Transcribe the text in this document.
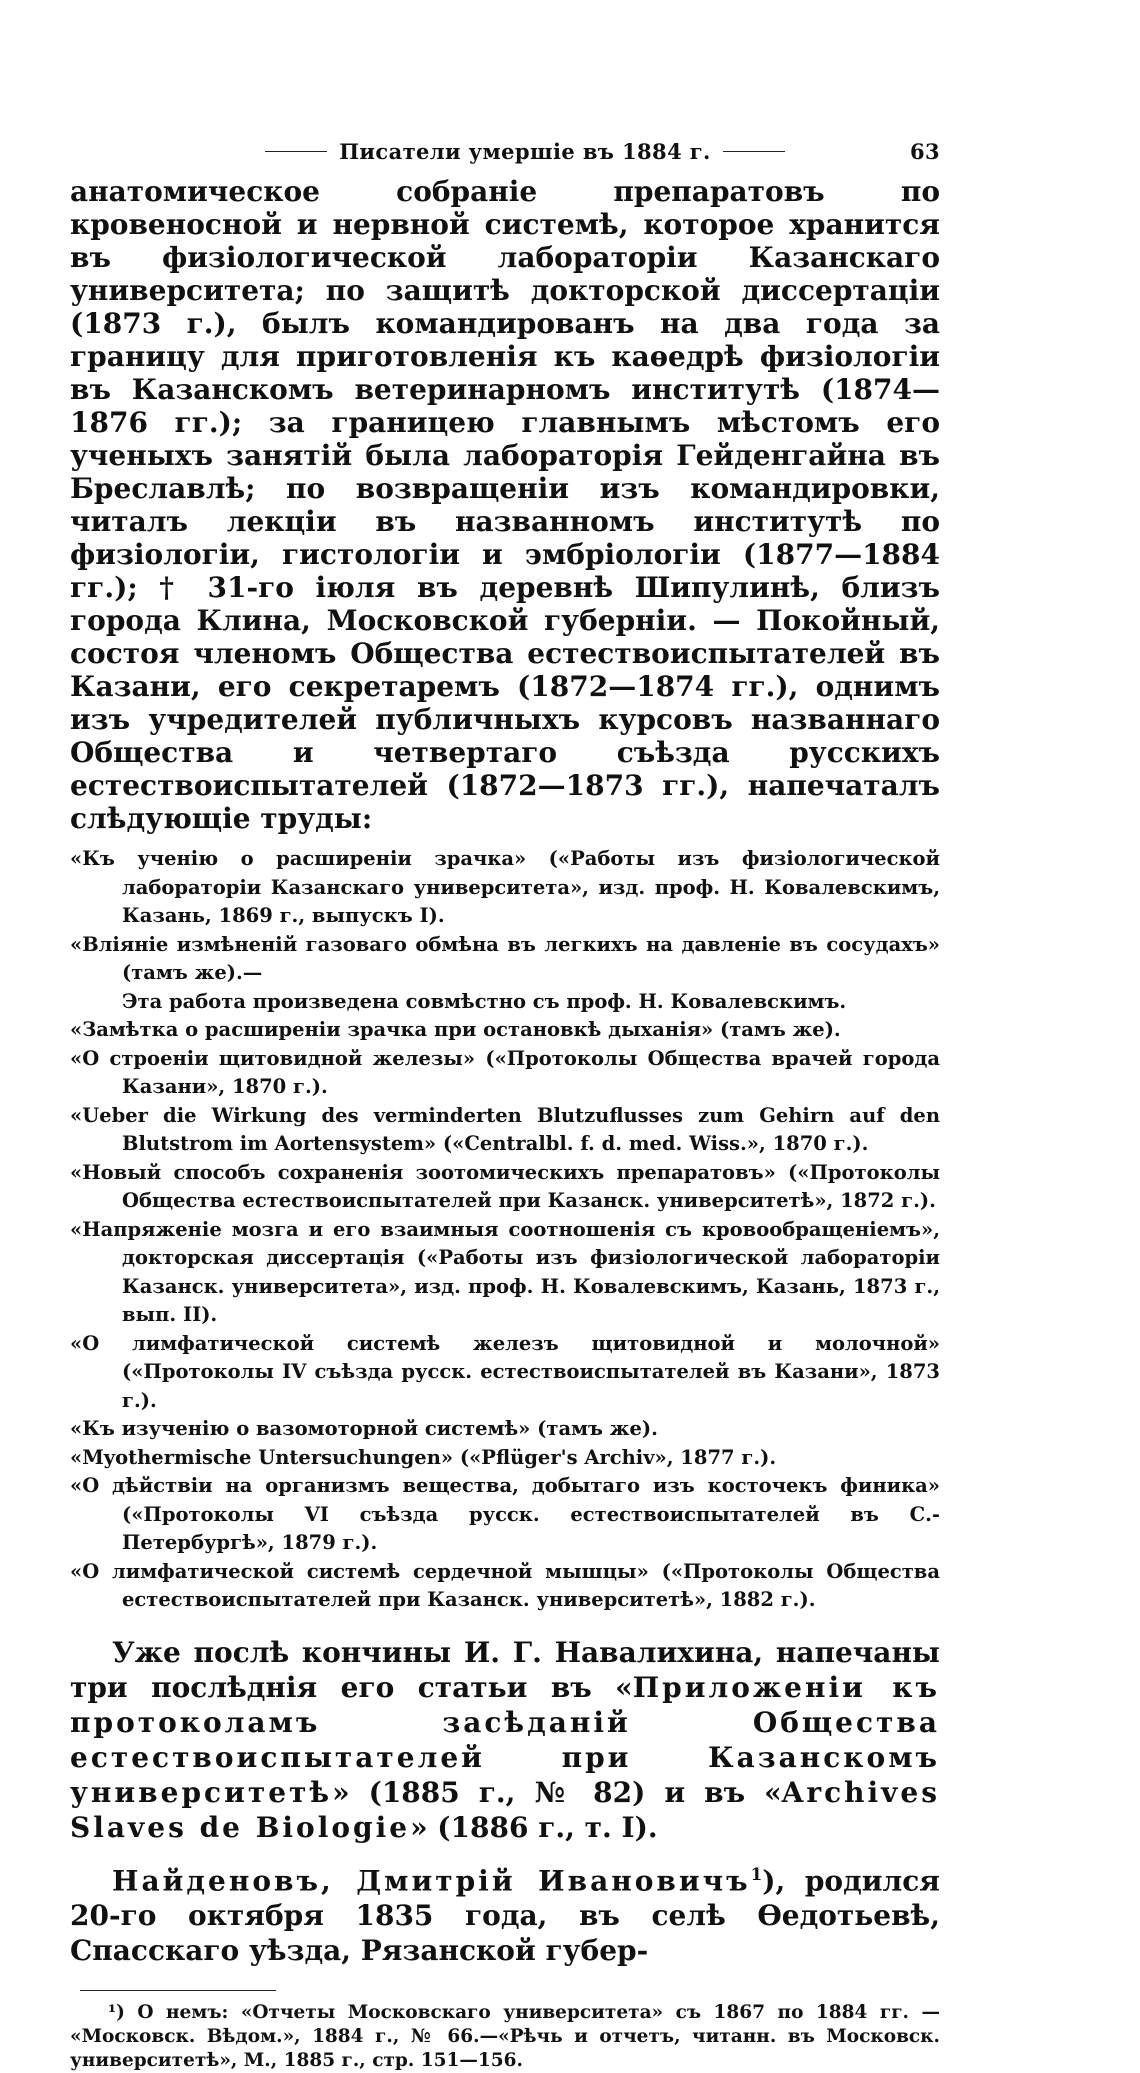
Писатели умершіе въ 1884 г.	63

анатомическое собраніе препаратовъ по кровеносной и нервной системѣ, которое хранится въ физіологической лабораторіи Казанскаго университета; по защитѣ докторской диссертаціи (1873 г.), былъ командированъ на два года за границу для приготовленія къ каѳедрѣ физіологіи въ Казанскомъ ветеринарномъ институтѣ (1874—1876 гг.); за границею главнымъ мѣстомъ его ученыхъ занятій была лабораторія Гейденгайна въ Бреславлѣ; по возвращеніи изъ командировки, читалъ лекціи въ названномъ институтѣ по физіологіи, гистологіи и эмбріологіи (1877—1884 гг.); † 31-го іюля въ деревнѣ Шипулинѣ, близъ города Клина, Московской губерніи. — Покойный, состоя членомъ Общества естествоиспытателей въ Казани, его секретаремъ (1872—1874 гг.), однимъ изъ учредителей публичныхъ курсовъ названнаго Общества и четвертаго съѣзда русскихъ естествоиспытателей (1872—1873 гг.), напечаталъ слѣдующіе труды:

«Къ ученію о расширеніи зрачка» («Работы изъ физіологической лабораторіи Казанскаго университета», изд. проф. Н. Ковалевскимъ, Казань, 1869 г., выпускъ I).
«Вліяніе измѣненій газоваго обмѣна въ легкихъ на давленіе въ сосудахъ» (тамъ же).—
Эта работа произведена совмѣстно съ проф. Н. Ковалевскимъ.
«Замѣтка о расширеніи зрачка при остановкѣ дыханія» (тамъ же).
«О строеніи щитовидной железы» («Протоколы Общества врачей города Казани», 1870 г.).
«Ueber die Wirkung des verminderten Blutzuflusses zum Gehirn auf den Blutstrom im Aortensystem» («Centralbl. f. d. med. Wiss.», 1870 г.).
«Новый способъ сохраненія зоотомическихъ препаратовъ» («Протоколы Общества естествоиспытателей при Казанск. университетѣ», 1872 г.).
«Напряженіе мозга и его взаимныя соотношенія съ кровообращеніемъ», докторская диссертація («Работы изъ физіологической лабораторіи Казанск. университета», изд. проф. Н. Ковалевскимъ, Казань, 1873 г., вып. II).
«О лимфатической системѣ железъ щитовидной и молочной» («Протоколы IV съѣзда русск. естествоиспытателей въ Казани», 1873 г.).
«Къ изученію о вазомоторной системѣ» (тамъ же).
«Myothermische Untersuchungen» («Pflüger's Archiv», 1877 г.).
«О дѣйствіи на организмъ вещества, добытаго изъ косточекъ финика» («Протоколы VI съѣзда русск. естествоиспытателей въ С.-Петербургѣ», 1879 г.).
«О лимфатической системѣ сердечной мышцы» («Протоколы Общества естествоиспытателей при Казанск. университетѣ», 1882 г.).

Уже послѣ кончины И. Г. Навалихина, напечаны три послѣднія его статьи въ «Приложеніи къ протоколамъ засѣданій Общества естествоиспытателей при Казанскомъ университетѣ» (1885 г., № 82) и въ «Archives Slaves de Biologie» (1886 г., т. I).

Найденовъ, Дмитрій Ивановичъ$^1$), родился 20-го октября 1835 года, въ селѣ Ѳедотьевѣ, Спасскаго уѣзда, Рязанской губер-

¹) О немъ: «Отчеты Московскаго университета» съ 1867 по 1884 гг. — «Московск. Вѣдом.», 1884 г., № 66.—«Рѣчь и отчетъ, читанн. въ Московск. университетѣ», М., 1885 г., стр. 151—156.
